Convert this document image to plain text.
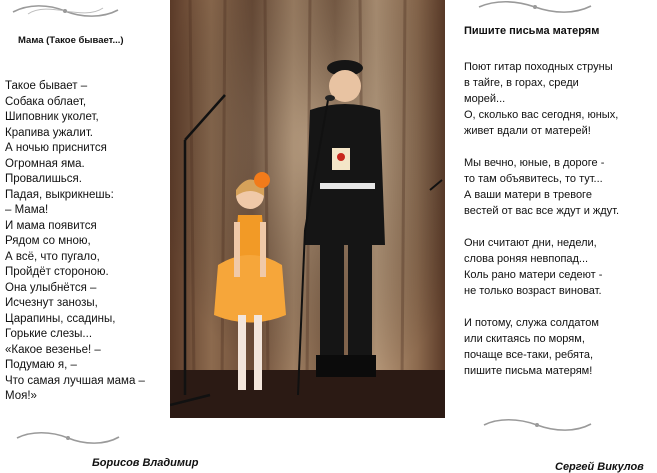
Мама (Такое бывает...)
Такое бывает –
Собака облает,
Шиповник уколет,
Крапива ужалит.
А ночью приснится
Огромная яма.
Провалишься.
Падая, выкрикнешь:
– Мама!
И мама появится
Рядом со мною,
А всё, что пугало,
Пройдёт стороною.
Она улыбнётся –
Исчезнут занозы,
Царапины, ссадины,
Горькие слезы...
«Какое везенье! –
Подумаю я, –
Что самая лучшая мама –
Моя!»
Борисов Владимир
Пишите письма матерям
Поют гитар походных струны
в тайге, в горах, среди
морей...
О, сколько вас сегодня, юных,
живет вдали от матерей!
Мы вечно, юные, в дороге -
то там объявитесь, то тут...
А ваши матери в тревоге
вестей от вас все ждут и ждут.
Они считают дни, недели,
слова роняя невпопад...
Коль рано матери седеют -
не только возраст виноват.
И потому, служа солдатом
или скитаясь по морям,
почаще все-таки, ребята,
пишите письма матерям!
Сергей Викулов
